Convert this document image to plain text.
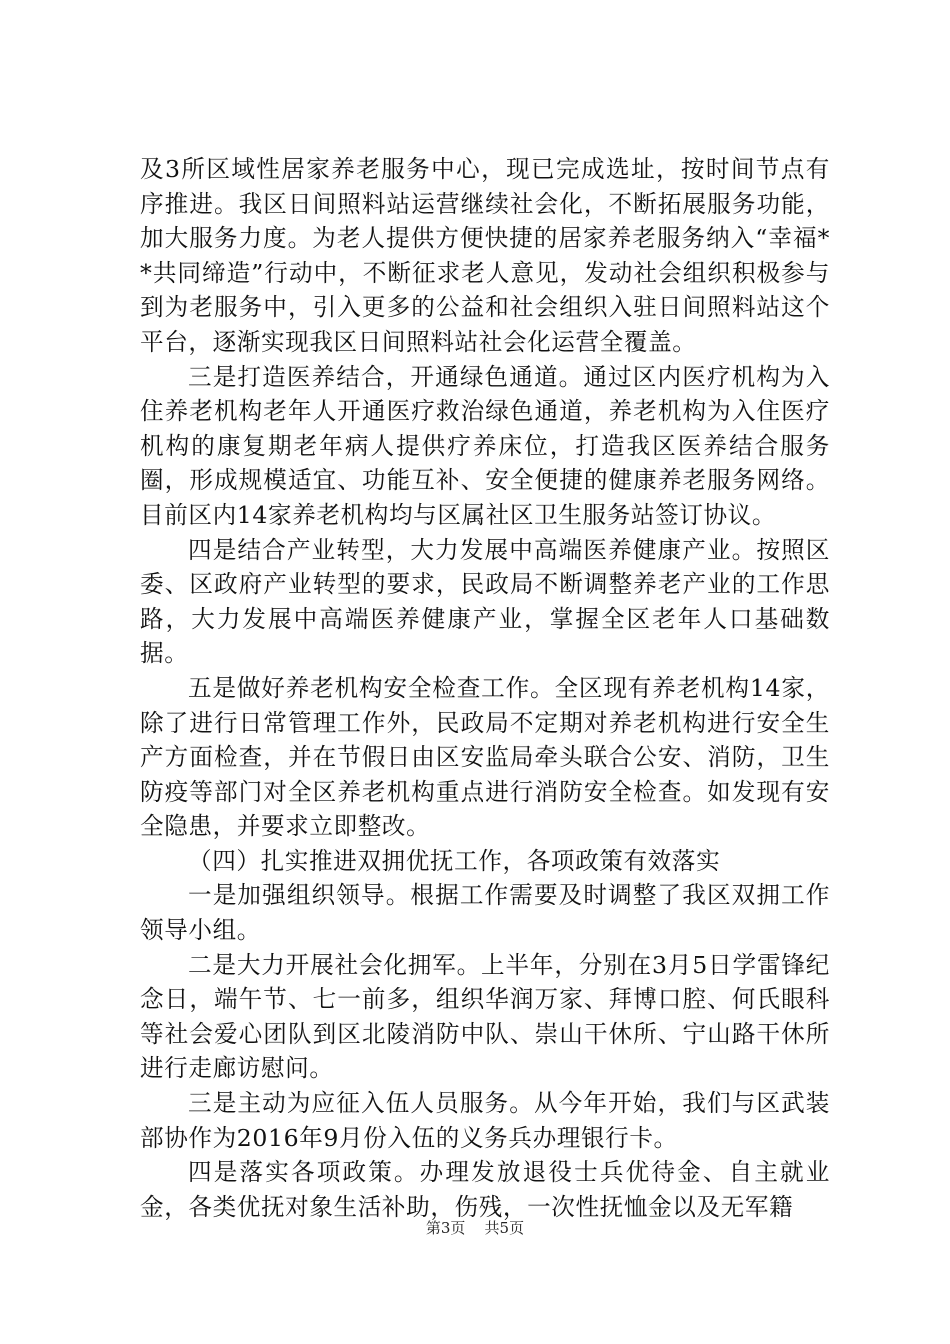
及3所区域性居家养老服务中心，现已完成选址，按时间节点有序推进。我区日间照料站运营继续社会化，不断拓展服务功能，加大服务力度。为老人提供方便快捷的居家养老服务纳入“幸福**共同缔造”行动中，不断征求老人意见，发动社会组织积极参与到为老服务中，引入更多的公益和社会组织入驻日间照料站这个平台，逐渐实现我区日间照料站社会化运营全覆盖。

三是打造医养结合，开通绿色通道。通过区内医疗机构为入住养老机构老年人开通医疗救治绿色通道，养老机构为入住医疗机构的康复期老年病人提供疗养床位，打造我区医养结合服务圈，形成规模适宜、功能互补、安全便捷的健康养老服务网络。目前区内14家养老机构均与区属社区卫生服务站签订协议。

四是结合产业转型，大力发展中高端医养健康产业。按照区委、区政府产业转型的要求，民政局不断调整养老产业的工作思路，大力发展中高端医养健康产业，掌握全区老年人口基础数据。

五是做好养老机构安全检查工作。全区现有养老机构14家，除了进行日常管理工作外，民政局不定期对养老机构进行安全生产方面检查，并在节假日由区安监局牵头联合公安、消防，卫生防疫等部门对全区养老机构重点进行消防安全检查。如发现有安全隐患，并要求立即整改。

（四）扎实推进双拥优抚工作，各项政策有效落实

一是加强组织领导。根据工作需要及时调整了我区双拥工作领导小组。

二是大力开展社会化拥军。上半年，分别在3月5日学雷锋纪念日，端午节、七一前多，组织华润万家、拜博口腔、何氏眼科等社会爱心团队到区北陵消防中队、崇山干休所、宁山路干休所进行走廊访慰问。

三是主动为应征入伍人员服务。从今年开始，我们与区武装部协作为2016年9月份入伍的义务兵办理银行卡。

四是落实各项政策。办理发放退役士兵优待金、自主就业金，各类优抚对象生活补助，伤残，一次性抚恤金以及无军籍

第3页 共5页
